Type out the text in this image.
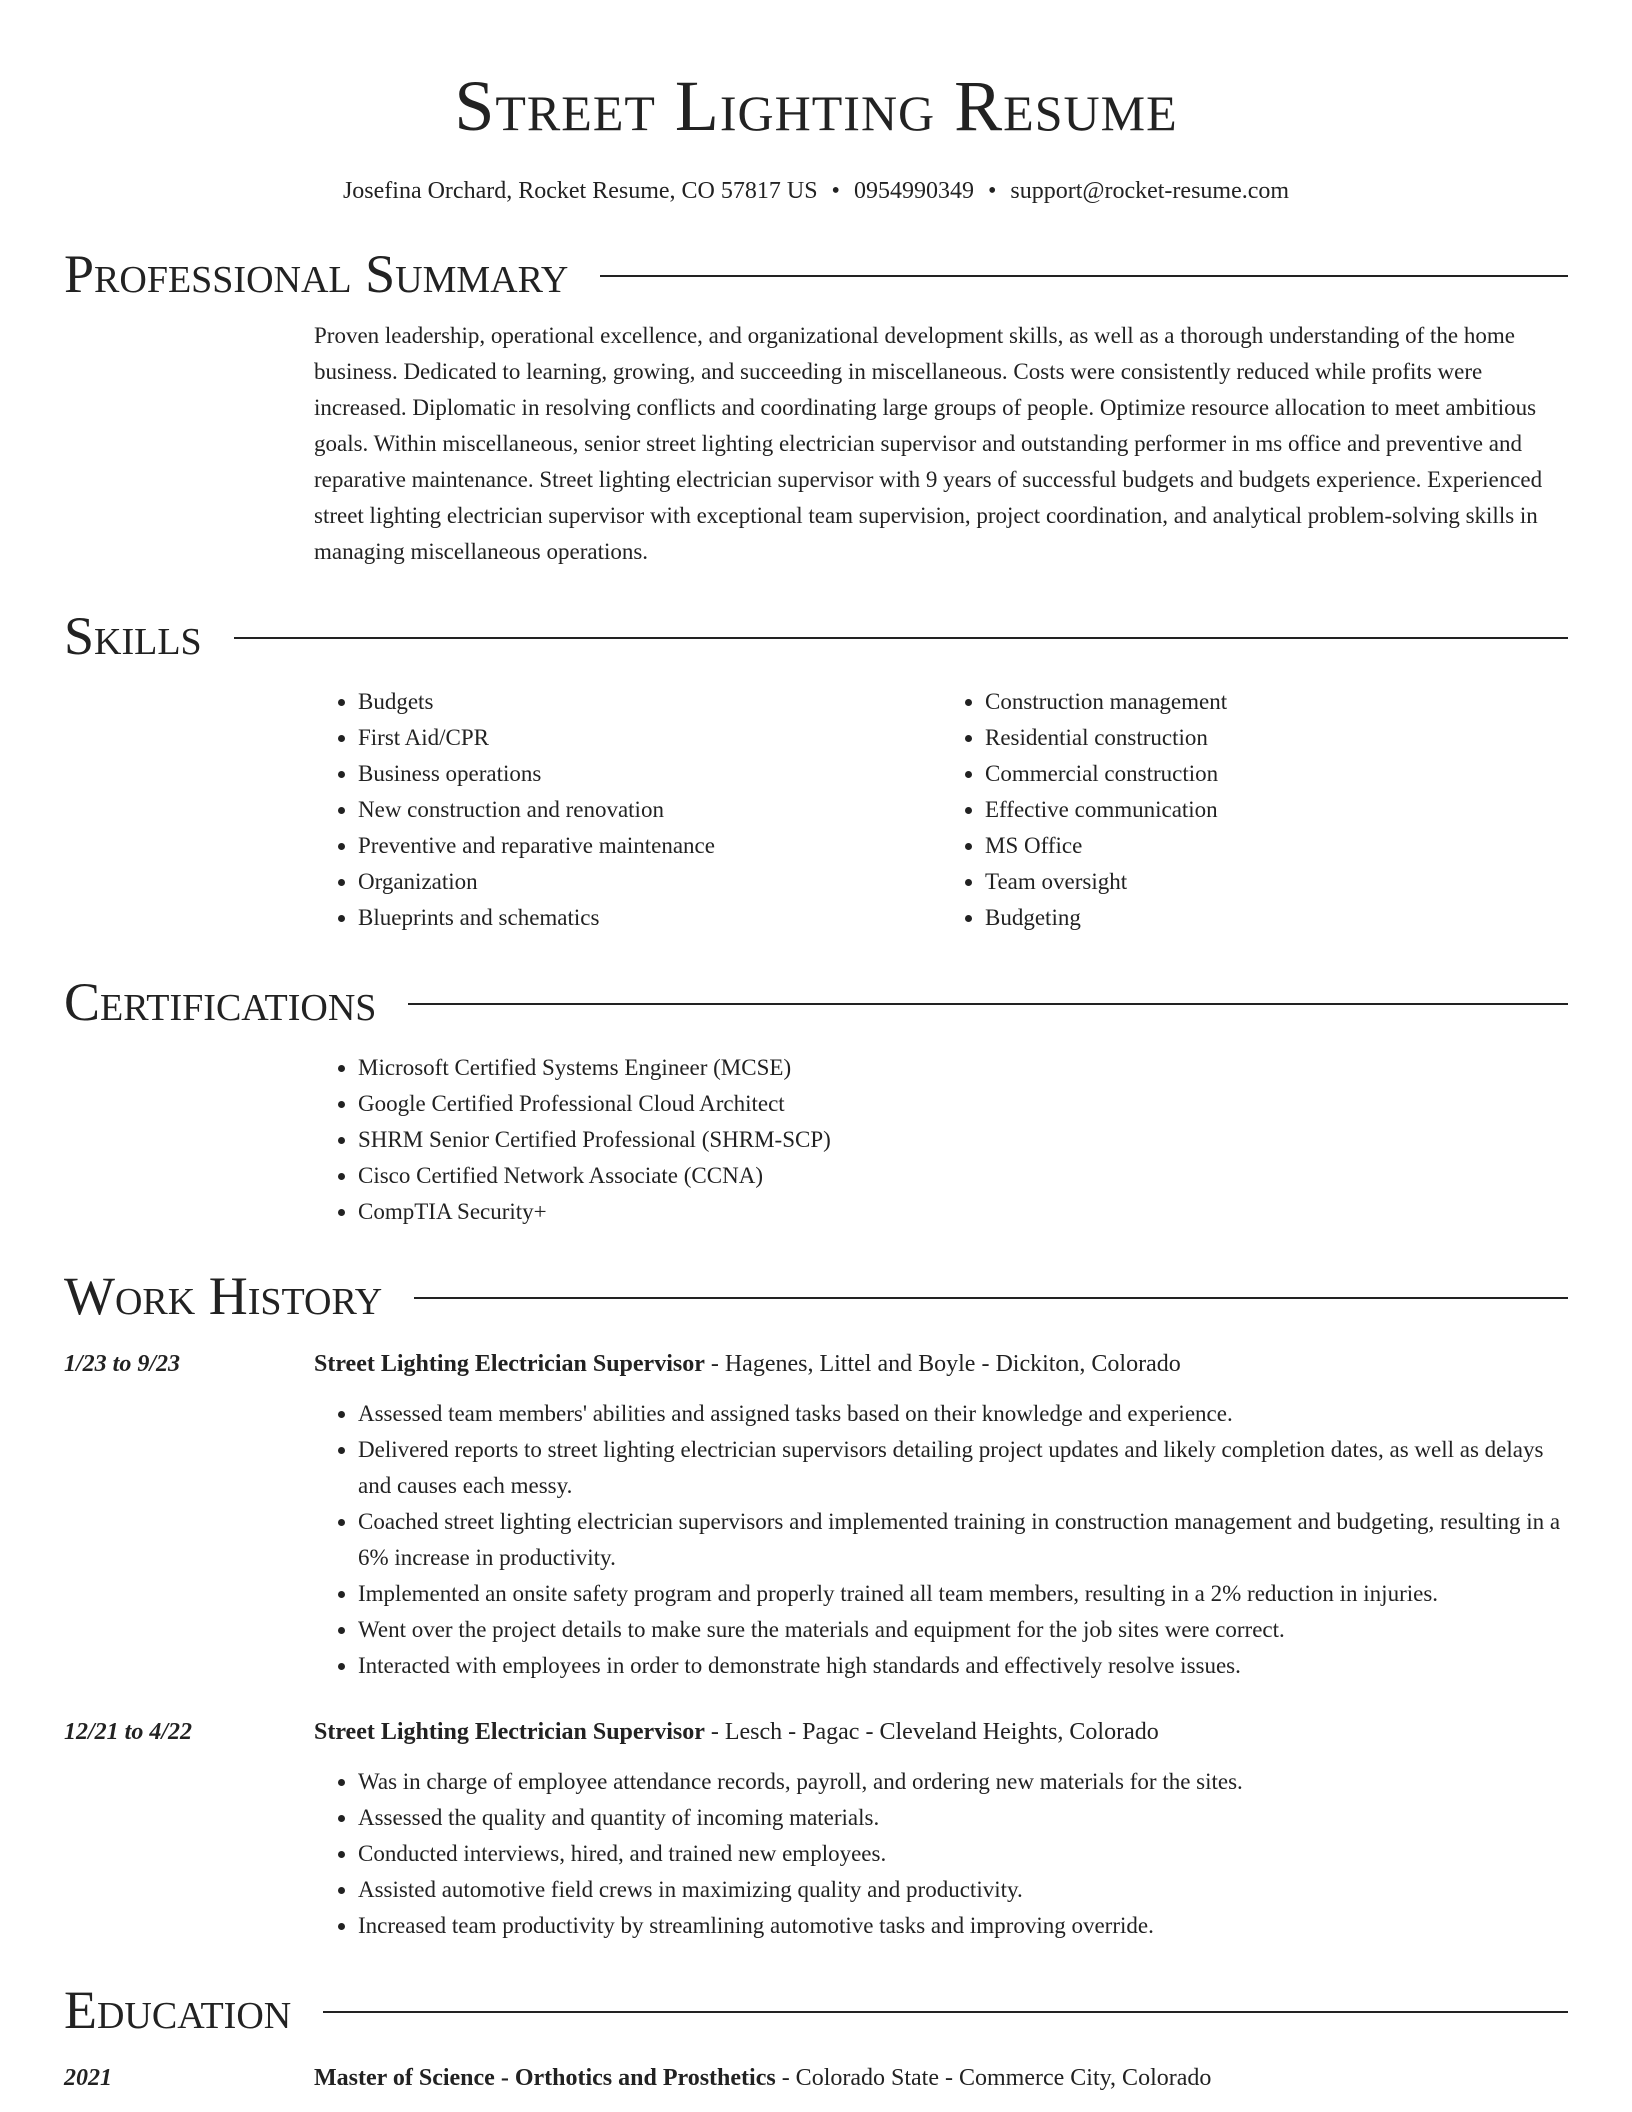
Street Lighting Resume
Josefina Orchard, Rocket Resume, CO 57817 US • 0954990349 • support@rocket-resume.com
Professional Summary

Proven leadership, operational excellence, and organizational development skills, as well as a thorough understanding of the home business. Dedicated to learning, growing, and succeeding in miscellaneous. Costs were consistently reduced while profits were increased. Diplomatic in resolving conflicts and coordinating large groups of people. Optimize resource allocation to meet ambitious goals. Within miscellaneous, senior street lighting electrician supervisor and outstanding performer in ms office and preventive and reparative maintenance. Street lighting electrician supervisor with 9 years of successful budgets and budgets experience. Experienced street lighting electrician supervisor with exceptional team supervision, project coordination, and analytical problem-solving skills in managing miscellaneous operations.

Skills
• Budgets
• First Aid/CPR
• Business operations
• New construction and renovation
• Preventive and reparative maintenance
• Organization
• Blueprints and schematics
• Construction management
• Residential construction
• Commercial construction
• Effective communication
• MS Office
• Team oversight
• Budgeting
Certifications
• Microsoft Certified Systems Engineer (MCSE)
• Google Certified Professional Cloud Architect
• SHRM Senior Certified Professional (SHRM-SCP)
• Cisco Certified Network Associate (CCNA)
• CompTIA Security+
Work History
1/23 to 9/23	Street Lighting Electrician Supervisor - Hagenes, Littel and Boyle - Dickiton, Colorado
• Assessed team members' abilities and assigned tasks based on their knowledge and experience.
• Delivered reports to street lighting electrician supervisors detailing project updates and likely completion dates, as well as delays and causes each messy.
• Coached street lighting electrician supervisors and implemented training in construction management and budgeting, resulting in a 6% increase in productivity.
• Implemented an onsite safety program and properly trained all team members, resulting in a 2% reduction in injuries.
• Went over the project details to make sure the materials and equipment for the job sites were correct.
• Interacted with employees in order to demonstrate high standards and effectively resolve issues.
12/21 to 4/22	Street Lighting Electrician Supervisor - Lesch - Pagac - Cleveland Heights, Colorado
• Was in charge of employee attendance records, payroll, and ordering new materials for the sites.
• Assessed the quality and quantity of incoming materials.
• Conducted interviews, hired, and trained new employees.
• Assisted automotive field crews in maximizing quality and productivity.
• Increased team productivity by streamlining automotive tasks and improving override.
Education
2021	Master of Science - Orthotics and Prosthetics - Colorado State - Commerce City, Colorado
